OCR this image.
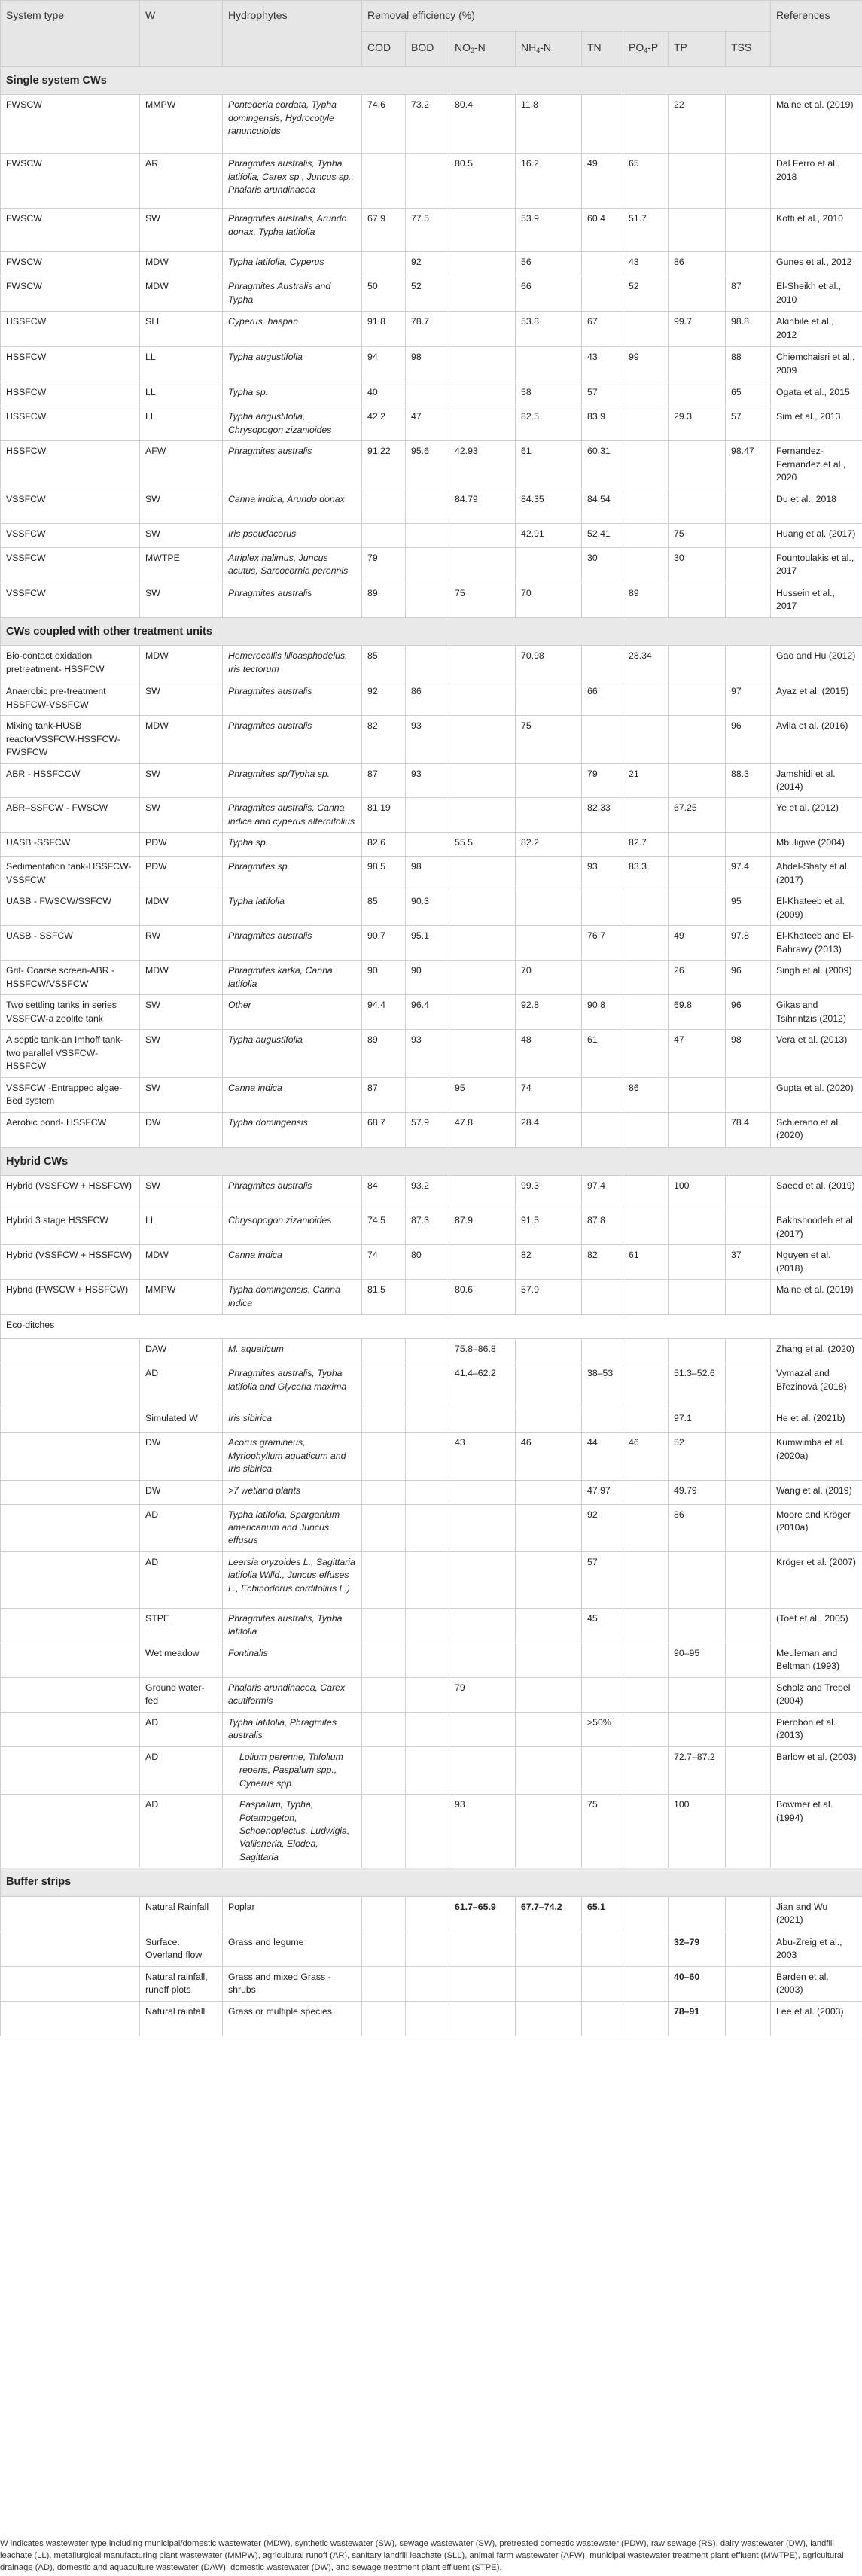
System type	W	Hydrophytes	Removal efficiency (%)								References
			COD	BOD	$NO_3-N$	$NH_4-N$	TN	$PO_4-P$	TP	TSS	
Single system CWs											
FWSCW	MMPW	Pontederia cordata, Typha domingensis, Hydrocotyle ranunculoids	74.6	73.2	80.4	11.8			22		Maine et al. (2019)
FWSCW	AR	Phragmites australis, Typha latifolia, Carex sp., Juncus sp., Phalaris arundinacea			80.5	16.2	49	65			Dal Ferro et al., 2018
FWSCW	SW	Phragmites australis, Arundo donax, Typha latifolia	67.9	77.5		53.9	60.4	51.7			Kotti et al., 2010
FWSCW	MDW	Typha latifolia, Cyperus		92		56		43	86		Gunes et al., 2012
FWSCW	MDW	Phragmites Australis and Typha	50	52		66		52		87	El-Sheikh et al., 2010
HSSFCW	SLL	Cyperus. haspan	91.8	78.7		53.8	67		99.7	98.8	Akinbile et al., 2012
HSSFCW	LL	Typha augustifolia	94	98			43	99		88	Chiemchaisri et al., 2009
HSSFCW	LL	Typha sp.	40			58	57			65	Ogata et al., 2015
HSSFCW	LL	Typha angustifolia, Chrysopogon zizanioides	42.2	47		82.5	83.9		29.3	57	Sim et al., 2013
HSSFCW	AFW	Phragmites australis	91.22	95.6	42.93	61	60.31			98.47	Fernandez-Fernandez et al., 2020
VSSFCW	SW	Canna indica, Arundo donax			84.79	84.35	84.54				Du et al., 2018
VSSFCW	SW	Iris pseudacorus				42.91	52.41		75		Huang et al. (2017)
VSSFCW	MWTPE	Atriplex halimus, Juncus acutus, Sarcocornia perennis	79				30		30		Fountoulakis et al., 2017
VSSFCW	SW	Phragmites australis	89		75	70		89			Hussein et al., 2017
CWs coupled with other treatment units											
Bio-contact oxidation pretreatment- HSSFCW	MDW	Hemerocallis lilioasphodelus, Iris tectorum	85			70.98		28.34			Gao and Hu (2012)
Anaerobic pre-treatment HSSFCW-VSSFCW	SW	Phragmites australis	92	86			66			97	Ayaz et al. (2015)
Mixing tank-HUSB reactorVSSFCW-HSSFCW-FWSFCW	MDW	Phragmites australis	82	93		75				96	Avila et al. (2016)
ABR - HSSFCCW	SW	Phragmites sp/Typha sp.	87	93			79	21		88.3	Jamshidi et al. (2014)
ABR–SSFCW - FWSCW	SW	Phragmites australis, Canna indica and cyperus alternifolius	81.19				82.33		67.25		Ye et al. (2012)
UASB -SSFCW	PDW	Typha sp.	82.6		55.5	82.2		82.7			Mbuligwe (2004)
Sedimentation tank-HSSFCW-VSSFCW	PDW	Phragmites sp.	98.5	98			93	83.3		97.4	Abdel-Shafy et al. (2017)
UASB - FWSCW/SSFCW	MDW	Typha latifolia	85	90.3						95	El-Khateeb et al. (2009)
UASB - SSFCW	RW	Phragmites australis	90.7	95.1			76.7		49	97.8	El-Khateeb and El-Bahrawy (2013)
Grit- Coarse screen-ABR -HSSFCW/VSSFCW	MDW	Phragmites karka, Canna latifolia	90	90		70			26	96	Singh et al. (2009)
Two settling tanks in series VSSFCW-a zeolite tank	SW	Other	94.4	96.4		92.8	90.8		69.8	96	Gikas and Tsihrintzis (2012)
A septic tank-an Imhoff tank-two parallel VSSFCW-HSSFCW	SW	Typha augustifolia	89	93		48	61		47	98	Vera et al. (2013)
VSSFCW -Entrapped algae-Bed system	SW	Canna indica	87		95	74		86			Gupta et al. (2020)
Aerobic pond- HSSFCW	DW	Typha domingensis	68.7	57.9	47.8	28.4				78.4	Schierano et al. (2020)
Hybrid CWs											
Hybrid (VSSFCW + HSSFCW)	SW	Phragmites australis	84	93.2		99.3	97.4		100		Saeed et al. (2019)
Hybrid 3 stage HSSFCW	LL	Chrysopogon zizanioides	74.5	87.3	87.9	91.5	87.8				Bakhshoodeh et al. (2017)
Hybrid (VSSFCW + HSSFCW)	MDW	Canna indica	74	80		82	82	61		37	Nguyen et al. (2018)
Hybrid (FWSCW + HSSFCW)	MMPW	Typha domingensis, Canna indica	81.5		80.6	57.9					Maine et al. (2019)
Eco-ditches											
	DAW	M. aquaticum			75.8–86.8						Zhang et al. (2020)
	AD	Phragmites australis, Typha latifolia and Glyceria maxima			41.4–62.2		38–53		51.3–52.6		Vymazal and Březinová (2018)
	Simulated W	Iris sibirica							97.1		He et al. (2021b)
	DW	Acorus gramineus, Myriophyllum aquaticum and Iris sibirica			43	46	44	46	52		Kumwimba et al. (2020a)
	DW	>7 wetland plants					47.97		49.79		Wang et al. (2019)
	AD	Typha latifolia, Sparganium americanum and Juncus effusus					92		86		Moore and Kröger (2010a)
	AD	Leersia oryzoides L., Sagittaria latifolia Willd., Juncus effuses L., Echinodorus cordifolius L.)					57				Kröger et al. (2007)
	STPE	Phragmites australis, Typha latifolia					45				(Toet et al., 2005)
	Wet meadow	Fontinalis							90–95		Meuleman and Beltman (1993)
	Ground water-fed	Phalaris arundinacea, Carex acutiformis			79						Scholz and Trepel (2004)
	AD	Typha latifolia, Phragmites australis					>50%				Pierobon et al. (2013)
	AD	Lolium perenne, Trifolium repens, Paspalum spp., Cyperus spp.							72.7–87.2		Barlow et al. (2003)
	AD	Paspalum, Typha, Potamogeton, Schoenoplectus, Ludwigia, Vallisneria, Elodea, Sagittaria			93		75		100		Bowmer et al. (1994)
Buffer strips											
	Natural Rainfall	Poplar			61.7–65.9	67.7–74.2	65.1				Jian and Wu (2021)
	Surface. Overland flow	Grass and legume							32–79		Abu-Zreig et al., 2003
	Natural rainfall, runoff plots	Grass and mixed Grass -shrubs							40–60		Barden et al. (2003)
	Natural rainfall	Grass or multiple species							78–91		Lee et al. (2003)
W indicates wastewater type including municipal/domestic wastewater (MDW), synthetic wastewater (SW), sewage wastewater (SW), pretreated domestic wastewater (PDW), raw sewage (RS), dairy wastewater (DW), landfill leachate (LL), metallurgical manufacturing plant wastewater (MMPW), agricultural runoff (AR), sanitary landfill leachate (SLL), animal farm wastewater (AFW), municipal wastewater treatment plant effluent (MWTPE), agricultural drainage (AD), domestic and aquaculture wastewater (DAW), domestic wastewater (DW), and sewage treatment plant effluent (STPE).
